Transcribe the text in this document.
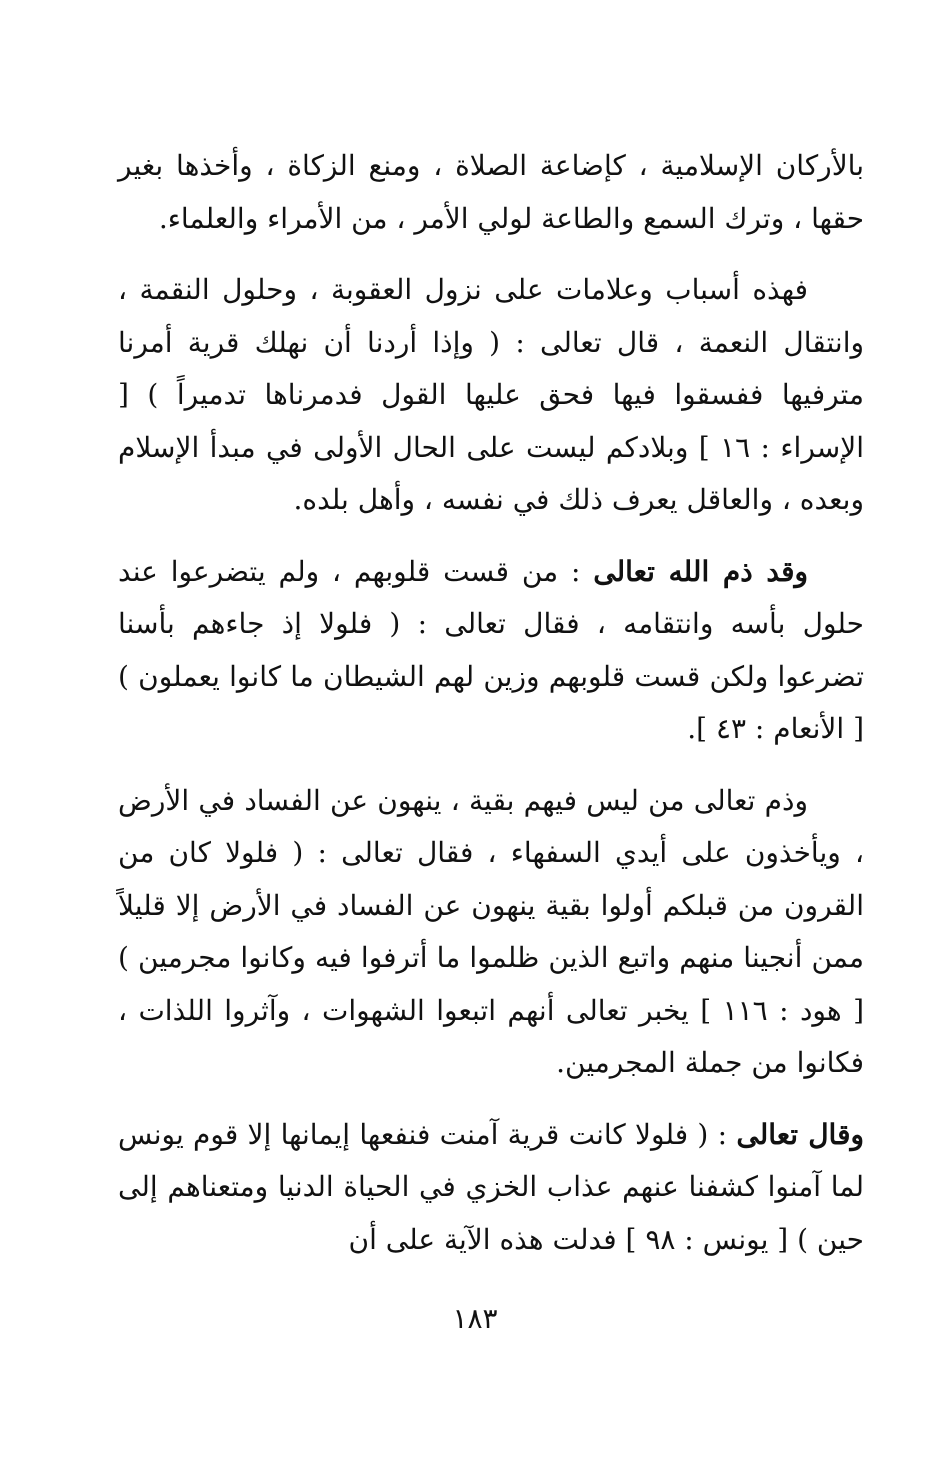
بالأركان الإسلامية ، كإضاعة الصلاة ، ومنع الزكاة ، وأخذها بغير حقها ، وترك السمع والطاعة لولي الأمر ، من الأمراء والعلماء.

فهذه أسباب وعلامات على نزول العقوبة ، وحلول النقمة ، وانتقال النعمة ، قال تعالى : ( وإذا أردنا أن نهلك قرية أمرنا مترفيها ففسقوا فيها فحق عليها القول فدمرناها تدميراً ) [ الإسراء : ١٦ ] وبلادكم ليست على الحال الأولى في مبدأ الإسلام وبعده ، والعاقل يعرف ذلك في نفسه ، وأهل بلده.

وقد ذم الله تعالى : من قست قلوبهم ، ولم يتضرعوا عند حلول بأسه وانتقامه ، فقال تعالى : ( فلولا إذ جاءهم بأسنا تضرعوا ولكن قست قلوبهم وزين لهم الشيطان ما كانوا يعملون ) [ الأنعام : ٤٣ ].

وذم تعالى من ليس فيهم بقية ، ينهون عن الفساد في الأرض ، ويأخذون على أيدي السفهاء ، فقال تعالى : ( فلولا كان من القرون من قبلكم أولوا بقية ينهون عن الفساد في الأرض إلا قليلاً ممن أنجينا منهم واتبع الذين ظلموا ما أترفوا فيه وكانوا مجرمين ) [ هود : ١١٦ ] يخبر تعالى أنهم اتبعوا الشهوات ، وآثروا اللذات ، فكانوا من جملة المجرمين.

وقال تعالى : ( فلولا كانت قرية آمنت فنفعها إيمانها إلا قوم يونس لما آمنوا كشفنا عنهم عذاب الخزي في الحياة الدنيا ومتعناهم إلى حين ) [ يونس : ٩٨ ] فدلت هذه الآية على أن

١٨٣
